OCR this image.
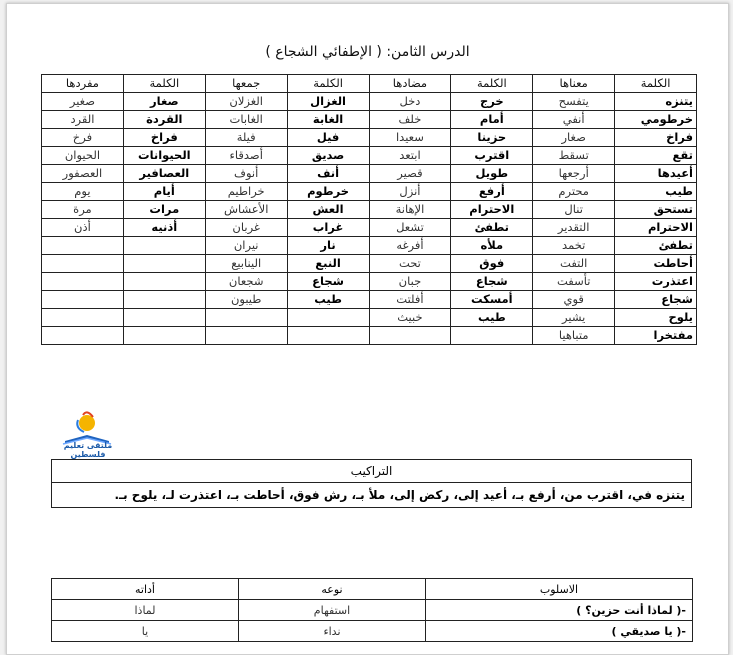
الدرس الثامن: ( الإطفائي الشجاع )
الكلمة	معناها	الكلمة	مضادها	الكلمة	جمعها	الكلمة	مفردها
يتنزه	يتفسح	خرج	دخل	الغزال	الغزلان	صغار	صغير
خرطومي	أنفي	أمام	خلف	الغابة	الغابات	القردة	القرد
فراخ	صغار	حزينا	سعيدا	فيل	فيلة	فراخ	فرخ
تقع	تسقط	اقترب	ابتعد	صديق	أصدقاء	الحيوانات	الحيوان
أعيدها	أرجعها	طويل	قصير	أنف	أنوف	العصافير	العصفور
طيب	محترم	أرفع	أنزل	خرطوم	خراطيم	أيام	يوم
تستحق	تنال	الاحترام	الإهانة	العش	الأعشاش	مرات	مرة
الاحترام	التقدير	تطفئ	تشعل	غراب	غربان	أذنيه	أذن
تطفئ	تخمد	ملأه	أفرغه	نار	نيران		
أحاطت	التفت	فوق	تحت	النبع	الينابيع		
اعتذرت	تأسفت	شجاع	جبان	شجاع	شجعان		
شجاع	قوي	أمسكت	أفلتت	طيب	طيبون		
يلوح	يشير	طيب	خبيث				
مفتخرا	متباهيا						
ملتقى تعليم فلسطين
التراكيب
يتنزه في، اقترب من، أرفع بـ، أعيد إلى، ركض إلى، ملأ بـ، رش فوق، أحاطت بـ، اعتذرت لـ، يلوح بـ.
الاسلوب	نوعه	أداته
-( لماذا أنت حزين؟ )	استفهام	لماذا
-( يا صديقي )	نداء	يا
